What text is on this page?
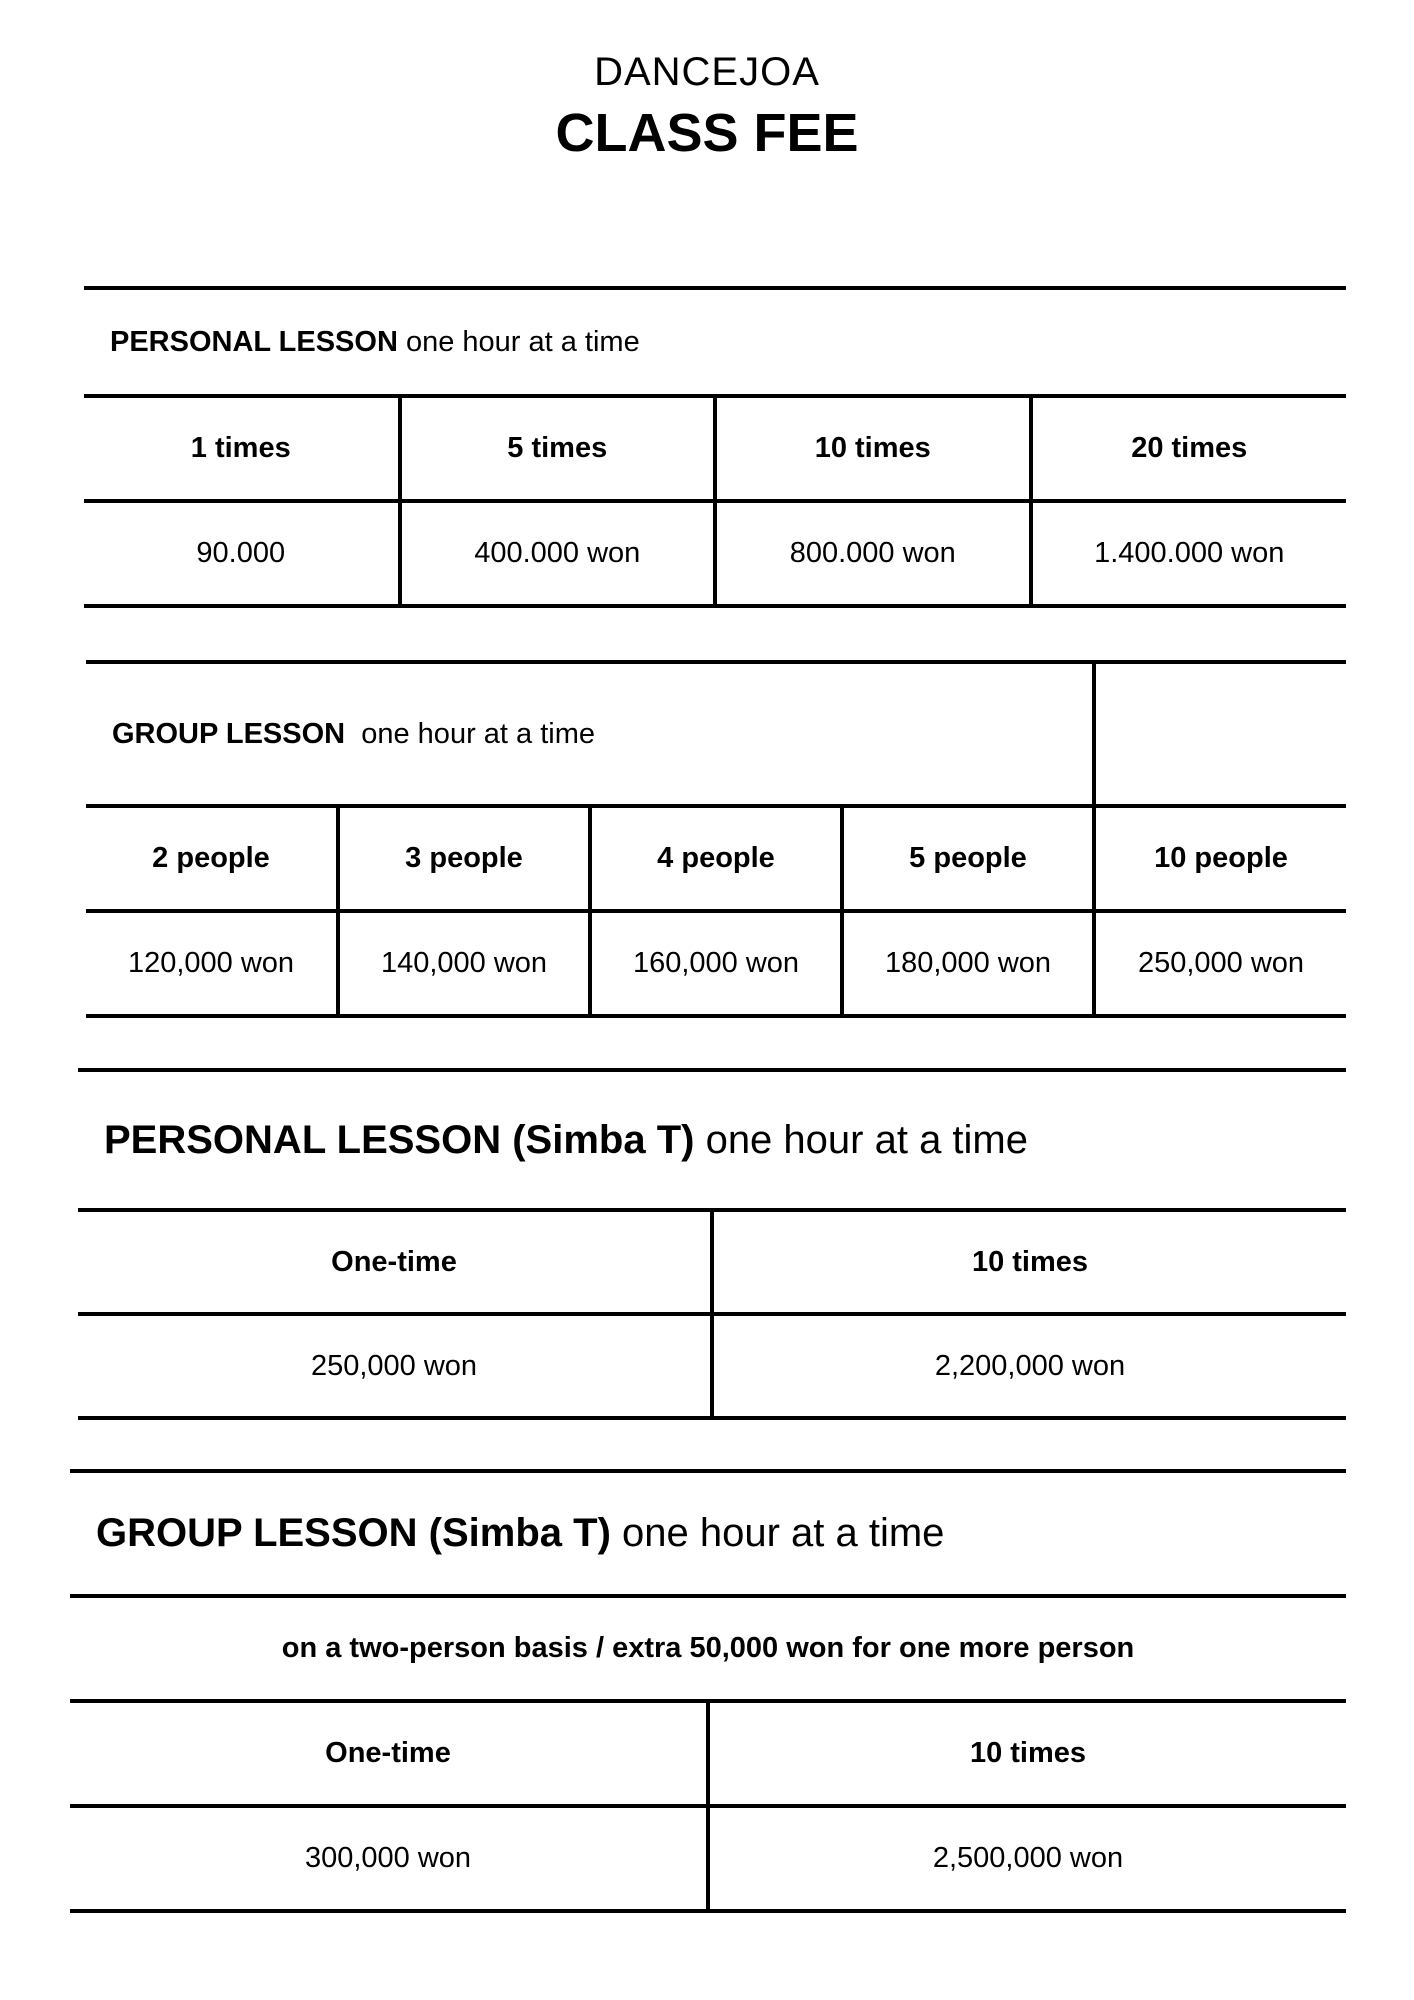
DANCEJOA
CLASS FEE
PERSONAL LESSON one hour at a time			
1 times	5 times	10 times	20 times
90.000	400.000 won	800.000 won	1.400.000 won
GROUP LESSON  one hour at a time				
2 people	3 people	4 people	5 people	10 people
120,000 won	140,000 won	160,000 won	180,000 won	250,000 won
PERSONAL LESSON (Simba T) one hour at a time	
One-time	10 times
250,000 won	2,200,000 won
GROUP LESSON (Simba T) one hour at a time	
on a two-person basis / extra 50,000 won for one more person	
One-time	10 times
300,000 won	2,500,000 won
